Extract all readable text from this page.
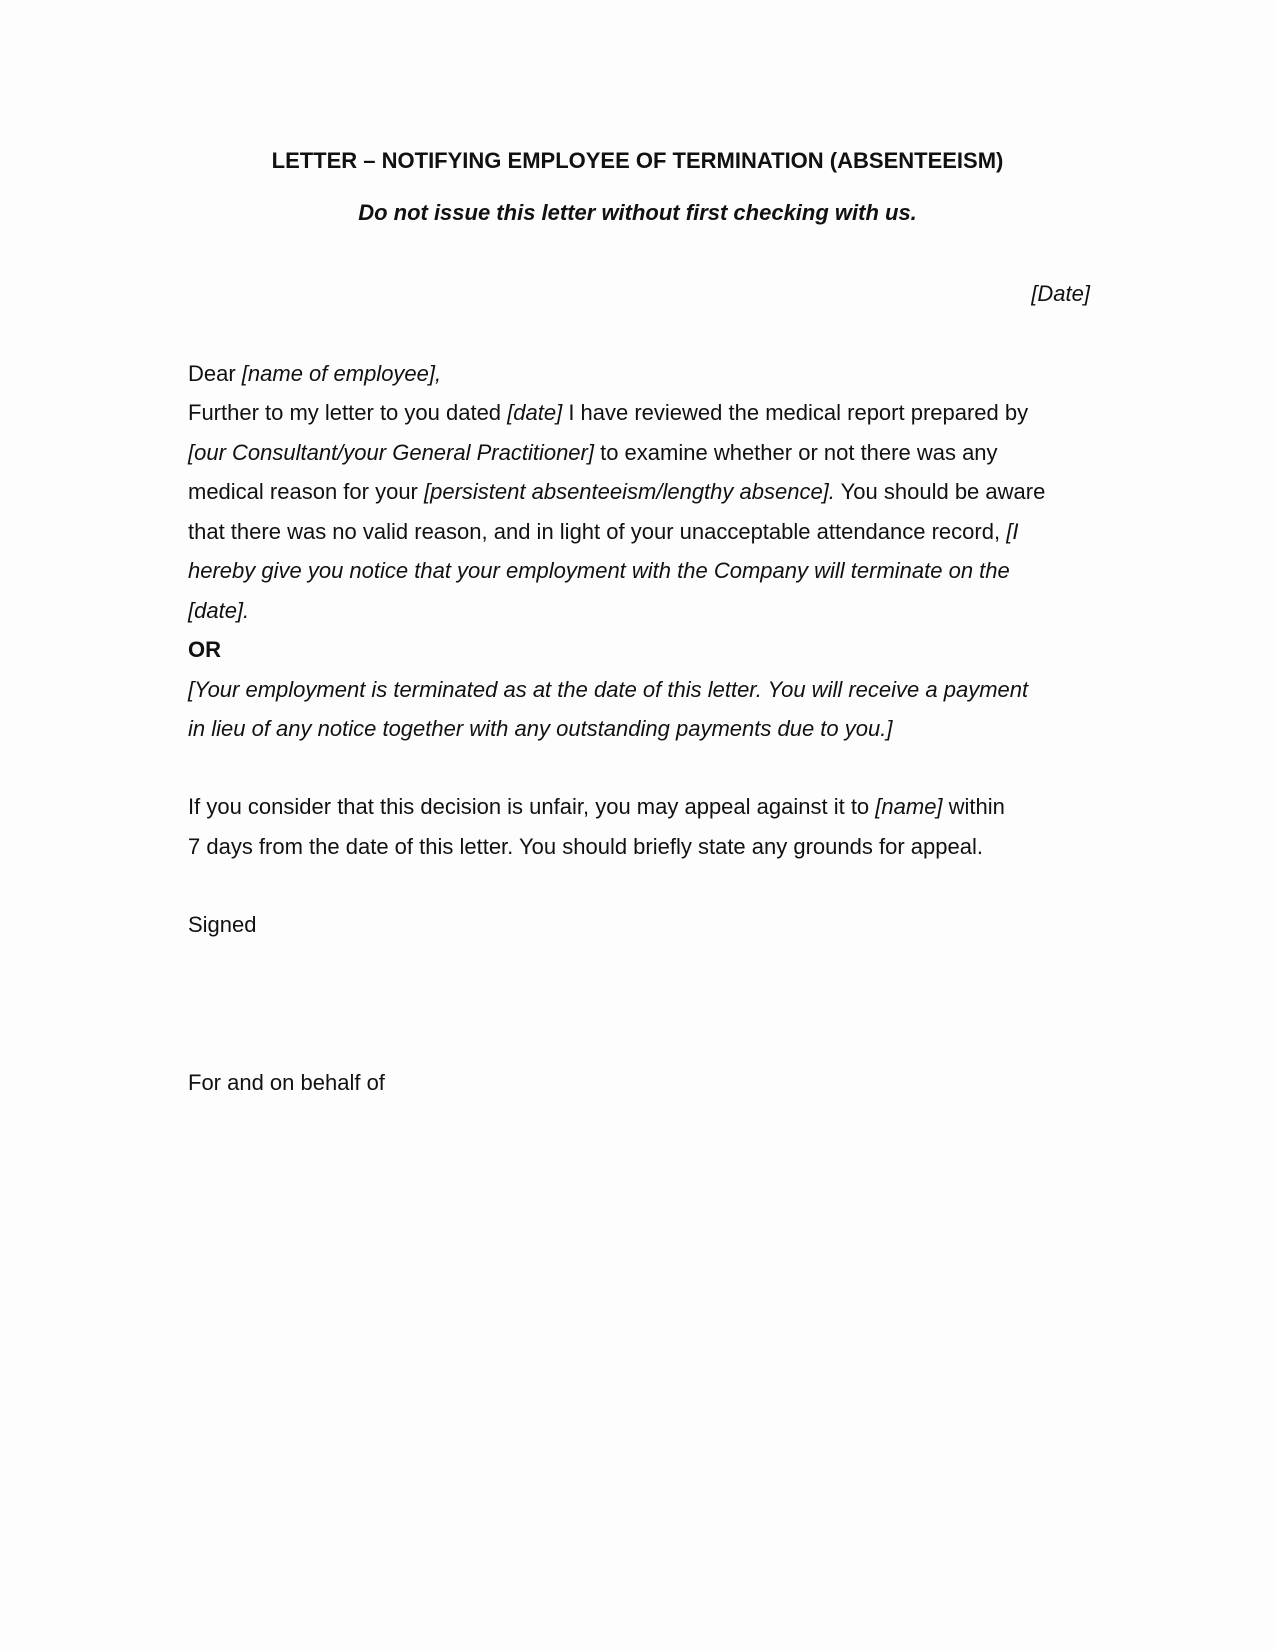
LETTER – NOTIFYING EMPLOYEE OF TERMINATION (ABSENTEEISM)
Do not issue this letter without first checking with us.
[Date]
Dear [name of employee],
Further to my letter to you dated [date] I have reviewed the medical report prepared by
[our Consultant/your General Practitioner] to examine whether or not there was any
medical reason for your [persistent absenteeism/lengthy absence]. You should be aware
that there was no valid reason, and in light of your unacceptable attendance record, [I
hereby give you notice that your employment with the Company will terminate on the
[date].
OR
[Your employment is terminated as at the date of this letter. You will receive a payment
in lieu of any notice together with any outstanding payments due to you.]
If you consider that this decision is unfair, you may appeal against it to [name] within
7 days from the date of this letter. You should briefly state any grounds for appeal.
Signed
For and on behalf of
